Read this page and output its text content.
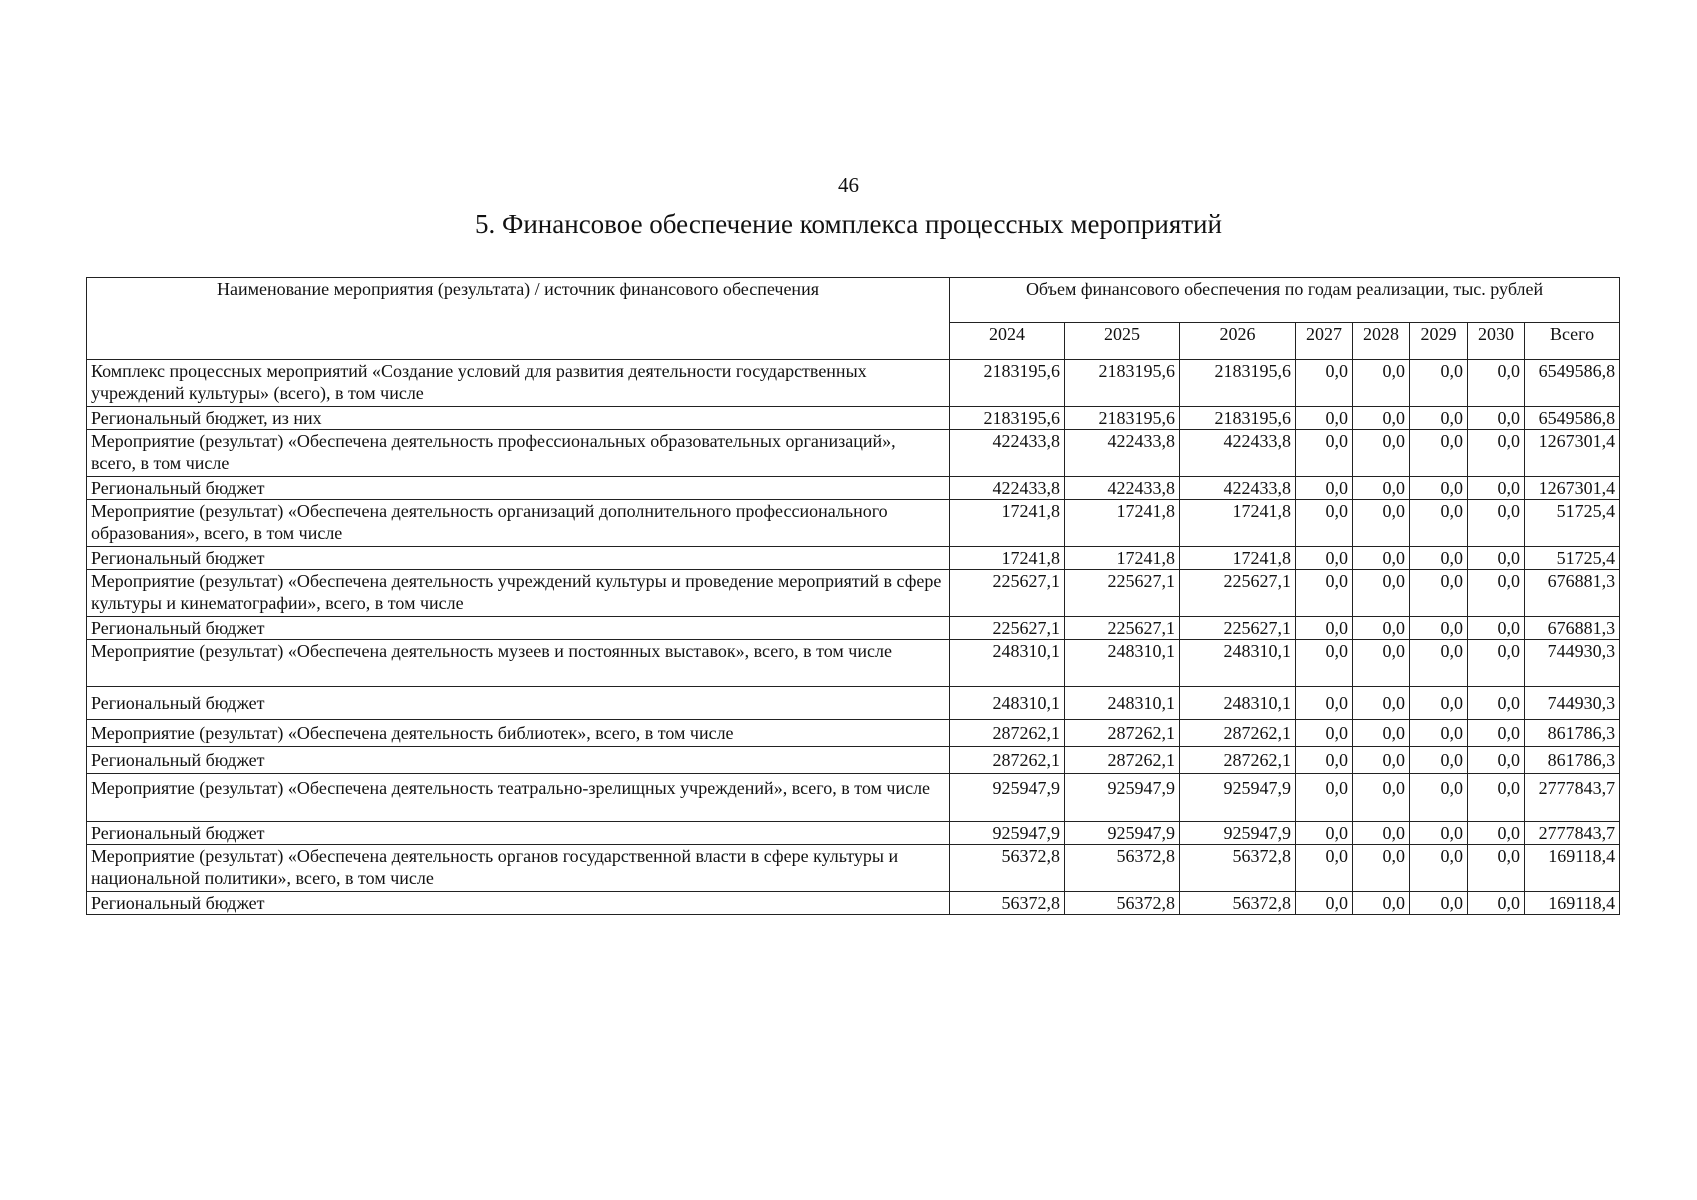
46
5. Финансовое обеспечение комплекса процессных мероприятий
Наименование мероприятия (результата) / источник финансового обеспечения	Объем финансового обеспечения по годам реализации, тыс. рублей							
	2024	2025	2026	2027	2028	2029	2030	Всего
Комплекс процессных мероприятий «Создание условий для развития деятельности государственных учреждений культуры» (всего), в том числе	2183195,6	2183195,6	2183195,6	0,0	0,0	0,0	0,0	6549586,8
Региональный бюджет, из них	2183195,6	2183195,6	2183195,6	0,0	0,0	0,0	0,0	6549586,8
Мероприятие (результат) «Обеспечена деятельность профессиональных образовательных организаций», всего, в том числе	422433,8	422433,8	422433,8	0,0	0,0	0,0	0,0	1267301,4
Региональный бюджет	422433,8	422433,8	422433,8	0,0	0,0	0,0	0,0	1267301,4
Мероприятие (результат) «Обеспечена деятельность организаций дополнительного профессионального образования», всего, в том числе	17241,8	17241,8	17241,8	0,0	0,0	0,0	0,0	51725,4
Региональный бюджет	17241,8	17241,8	17241,8	0,0	0,0	0,0	0,0	51725,4
Мероприятие (результат) «Обеспечена деятельность учреждений культуры и проведение мероприятий в сфере культуры и кинематографии», всего, в том числе	225627,1	225627,1	225627,1	0,0	0,0	0,0	0,0	676881,3
Региональный бюджет	225627,1	225627,1	225627,1	0,0	0,0	0,0	0,0	676881,3
Мероприятие (результат) «Обеспечена деятельность музеев и постоянных выставок», всего, в том числе	248310,1	248310,1	248310,1	0,0	0,0	0,0	0,0	744930,3
Региональный бюджет	248310,1	248310,1	248310,1	0,0	0,0	0,0	0,0	744930,3
Мероприятие (результат) «Обеспечена деятельность библиотек», всего, в том числе	287262,1	287262,1	287262,1	0,0	0,0	0,0	0,0	861786,3
Региональный бюджет	287262,1	287262,1	287262,1	0,0	0,0	0,0	0,0	861786,3
Мероприятие (результат) «Обеспечена деятельность театрально-зрелищных учреждений», всего, в том числе	925947,9	925947,9	925947,9	0,0	0,0	0,0	0,0	2777843,7
Региональный бюджет	925947,9	925947,9	925947,9	0,0	0,0	0,0	0,0	2777843,7
Мероприятие (результат) «Обеспечена деятельность органов государственной власти в сфере культуры и национальной политики», всего, в том числе	56372,8	56372,8	56372,8	0,0	0,0	0,0	0,0	169118,4
Региональный бюджет	56372,8	56372,8	56372,8	0,0	0,0	0,0	0,0	169118,4
